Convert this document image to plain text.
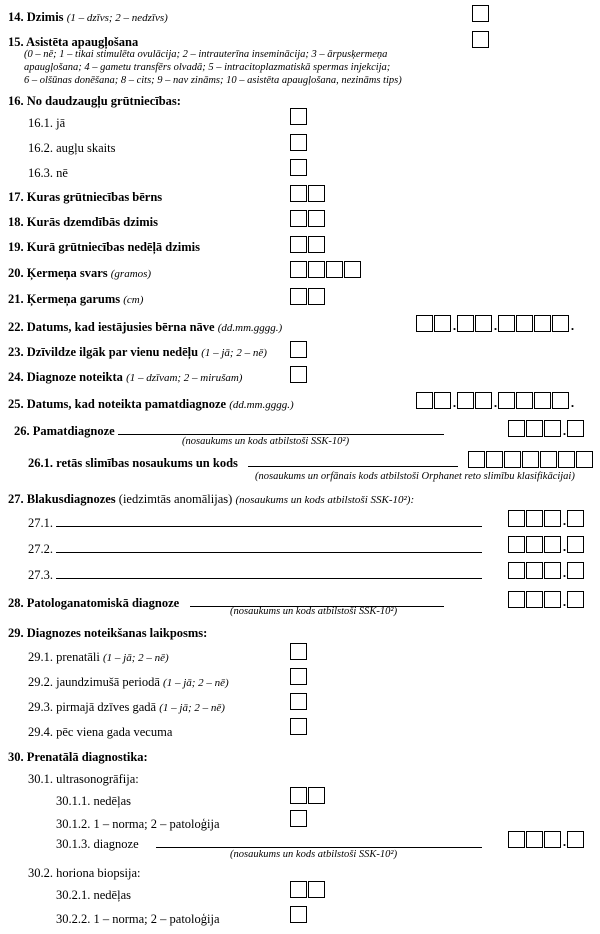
14. Dzimis (1 – dzīvs; 2 – nedzīvs)
15. Asistēta apaugļošana
(0 – nē; 1 – tikai stimulēta ovulācija; 2 – intrauterīna inseminācija; 3 – ārpusķermeņa
apaugļošana; 4 – gametu transfērs olvadā; 5 – intracitoplazmatiskā spermas injekcija;
6 – olšūnas donēšana; 8 – cits; 9 – nav zināms; 10 – asistēta apaugļošana, nezināms tips)
16. No daudzaugļu grūtniecības:
16.1. jā
16.2. augļu skaits
16.3. nē
17. Kuras grūtniecības bērns
18. Kurās dzemdībās dzimis
19. Kurā grūtniecības nedēļā dzimis
20. Ķermeņa svars (gramos)
21. Ķermeņa garums (cm)
22. Datums, kad iestājusies bērna nāve (dd.mm.gggg.)	.	.	.
23. Dzīvildze ilgāk par vienu nedēļu (1 – jā; 2 – nē)
24. Diagnoze noteikta (1 – dzīvam; 2 – mirušam)
25. Datums, kad noteikta pamatdiagnoze (dd.mm.gggg.)	.	.	.
26. Pamatdiagnoze
(nosaukums un kods atbilstoši SSK-10²)
.
26.1. retās slimības nosaukums un kods
(nosaukums un orfānais kods atbilstoši Orphanet reto slimību klasifikācijai)
27. Blakusdiagnozes (iedzimtās anomālijas) (nosaukums un kods atbilstoši SSK-10²):
27.1.	.
27.2.	.
27.3.	.
28. Patologanatomiskā diagnoze
(nosaukums un kods atbilstoši SSK-10²)
.
29. Diagnozes noteikšanas laikposms:
29.1. prenatāli (1 – jā; 2 – nē)
29.2. jaundzimušā periodā (1 – jā; 2 – nē)
29.3. pirmajā dzīves gadā (1 – jā; 2 – nē)
29.4. pēc viena gada vecuma
30. Prenatālā diagnostika:
30.1. ultrasonogrāfija:
30.1.1. nedēļas
30.1.2. 1 – norma; 2 – patoloģija
30.1.3. diagnoze
(nosaukums un kods atbilstoši SSK-10²)
.
30.2. horiona biopsija:
30.2.1. nedēļas
30.2.2. 1 – norma; 2 – patoloģija
